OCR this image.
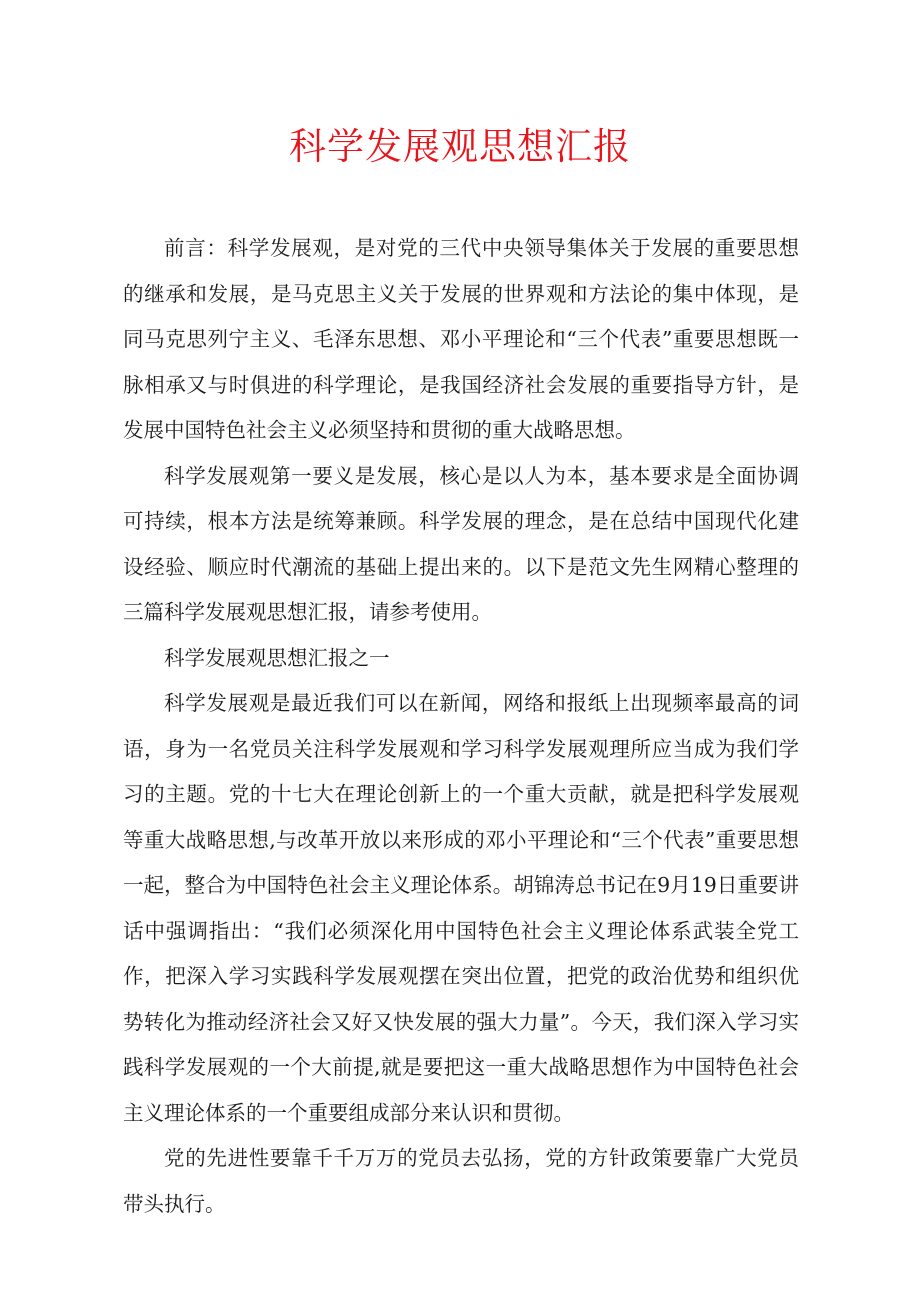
科学发展观思想汇报

前言：科学发展观，是对党的三代中央领导集体关于发展的重要思想的继承和发展，是马克思主义关于发展的世界观和方法论的集中体现，是同马克思列宁主义、毛泽东思想、邓小平理论和“三个代表”重要思想既一脉相承又与时俱进的科学理论，是我国经济社会发展的重要指导方针，是发展中国特色社会主义必须坚持和贯彻的重大战略思想。

科学发展观第一要义是发展，核心是以人为本，基本要求是全面协调可持续，根本方法是统筹兼顾。科学发展的理念，是在总结中国现代化建设经验、顺应时代潮流的基础上提出来的。以下是范文先生网精心整理的三篇科学发展观思想汇报，请参考使用。

科学发展观思想汇报之一

科学发展观是最近我们可以在新闻，网络和报纸上出现频率最高的词语，身为一名党员关注科学发展观和学习科学发展观理所应当成为我们学习的主题。党的十七大在理论创新上的一个重大贡献，就是把科学发展观等重大战略思想,与改革开放以来形成的邓小平理论和“三个代表”重要思想一起，整合为中国特色社会主义理论体系。胡锦涛总书记在9月19日重要讲话中强调指出：“我们必须深化用中国特色社会主义理论体系武装全党工作，把深入学习实践科学发展观摆在突出位置，把党的政治优势和组织优势转化为推动经济社会又好又快发展的强大力量”。今天，我们深入学习实践科学发展观的一个大前提,就是要把这一重大战略思想作为中国特色社会主义理论体系的一个重要组成部分来认识和贯彻。

党的先进性要靠千千万万的党员去弘扬，党的方针政策要靠广大党员带头执行。
